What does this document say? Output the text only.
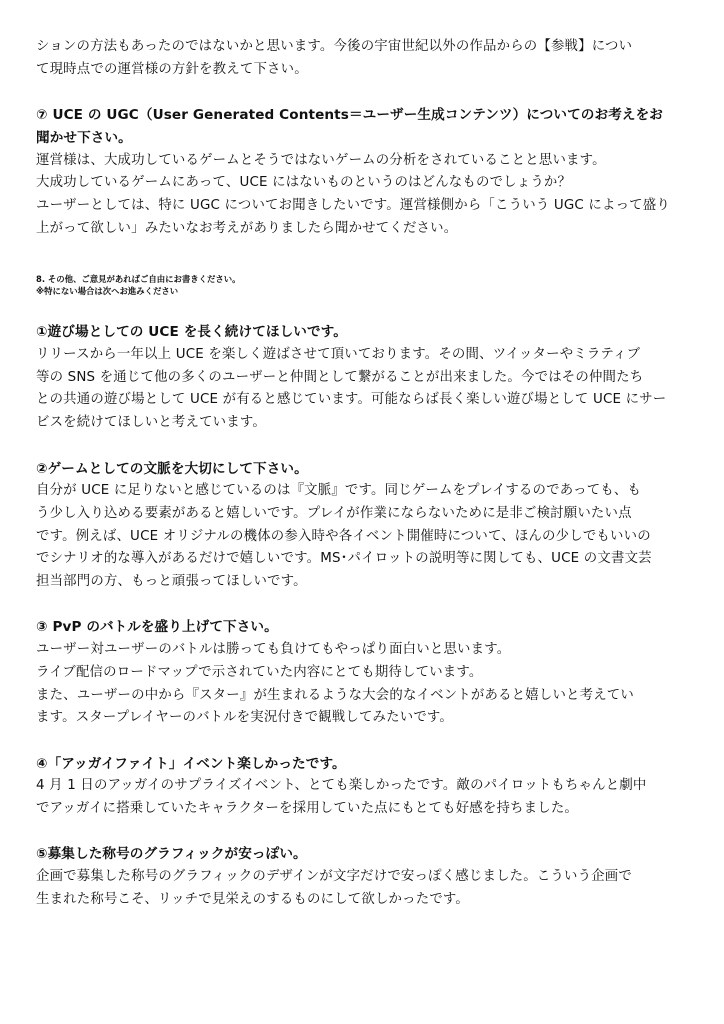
ションの方法もあったのではないかと思います。今後の宇宙世紀以外の作品からの【参戦】につい
て現時点での運営様の方針を教えて下さい。
⑦ UCE の UGC（User Generated Contents＝ユーザー生成コンテンツ）についてのお考えをお
聞かせ下さい。
運営様は、大成功しているゲームとそうではないゲームの分析をされていることと思います。
大成功しているゲームにあって、UCE にはないものというのはどんなものでしょうか？
ユーザーとしては、特に UGC についてお聞きしたいです。運営様側から「こういう UGC によって盛り
上がって欲しい」みたいなお考えがありましたら聞かせてください。
8. その他、ご意見があればご自由にお書きください。
※特にない場合は次へお進みください
①遊び場としての UCE を長く続けてほしいです。
リリースから一年以上 UCE を楽しく遊ばさせて頂いております。その間、ツイッターやミラティブ
等の SNS を通じて他の多くのユーザーと仲間として繋がることが出来ました。今ではその仲間たち
との共通の遊び場として UCE が有ると感じています。可能ならば長く楽しい遊び場として UCE にサー
ビスを続けてほしいと考えています。
②ゲームとしての文脈を大切にして下さい。
自分が UCE に足りないと感じているのは『文脈』です。同じゲームをプレイするのであっても、も
う少し入り込める要素があると嬉しいです。プレイが作業にならないために是非ご検討願いたい点
です。例えば、UCE オリジナルの機体の参入時や各イベント開催時について、ほんの少しでもいいの
でシナリオ的な導入があるだけで嬉しいです。MS･パイロットの説明等に関しても、UCE の文書文芸
担当部門の方、もっと頑張ってほしいです。
③ PvP のバトルを盛り上げて下さい。
ユーザー対ユーザーのバトルは勝っても負けてもやっぱり面白いと思います。
ライブ配信のロードマップで示されていた内容にとても期待しています。
また、ユーザーの中から『スター』が生まれるような大会的なイベントがあると嬉しいと考えてい
ます。スタープレイヤーのバトルを実況付きで観戦してみたいです。
④「アッガイファイト」イベント楽しかったです。
4 月 1 日のアッガイのサプライズイベント、とても楽しかったです。敵のパイロットもちゃんと劇中
でアッガイに搭乗していたキャラクターを採用していた点にもとても好感を持ちました。
⑤募集した称号のグラフィックが安っぽい。
企画で募集した称号のグラフィックのデザインが文字だけで安っぽく感じました。こういう企画で
生まれた称号こそ、リッチで見栄えのするものにして欲しかったです。
